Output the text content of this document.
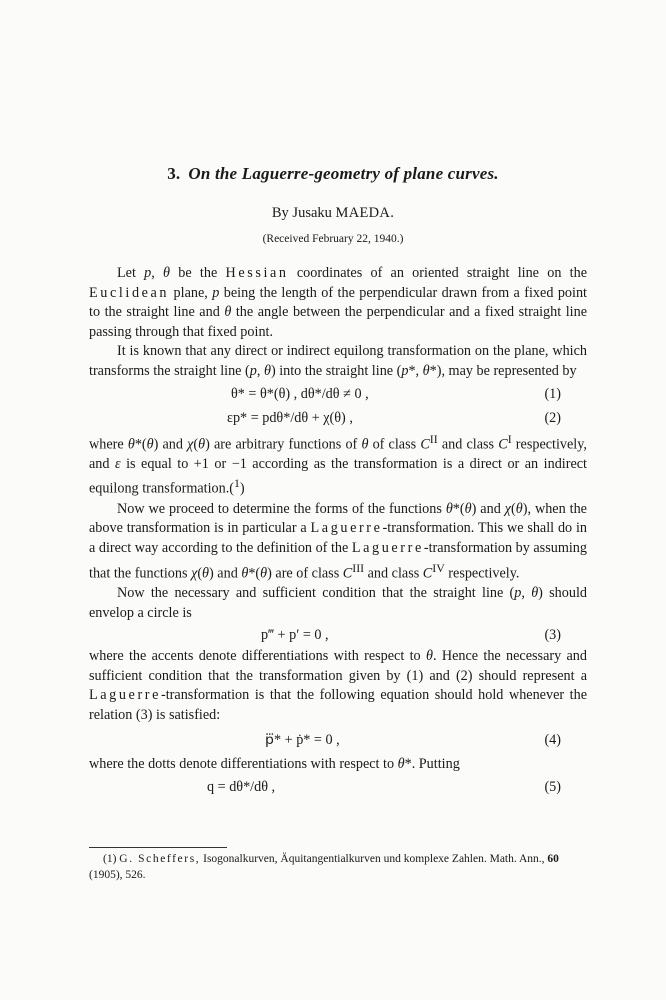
3. On the Laguerre-geometry of plane curves.
By Jusaku MAEDA.
(Received February 22, 1940.)

Let p, θ be the Hessian coordinates of an oriented straight line on the Euclidean plane, p being the length of the perpendicular drawn from a fixed point to the straight line and θ the angle between the perpendicular and a fixed straight line passing through that fixed point.

It is known that any direct or indirect equilong transformation on the plane, which transforms the straight line (p, θ) into the straight line (p*, θ*), may be represented by

θ* = θ*(θ) , dθ*/dθ ≠ 0 ,	(1)
εp* = pdθ*/dθ + χ(θ) ,	(2)

where θ*(θ) and χ(θ) are arbitrary functions of θ of class $C^{II}$ and class $C^I$ respectively, and ε is equal to +1 or −1 according as the transformation is a direct or an indirect equilong transformation.($^1$)

Now we proceed to determine the forms of the functions θ*(θ) and χ(θ), when the above transformation is in particular a Laguerre-transformation. This we shall do in a direct way according to the definition of the Laguerre-transformation by assuming that the functions χ(θ) and θ*(θ) are of class $C^{III}$ and class $C^{IV}$ respectively.

Now the necessary and sufficient condition that the straight line (p, θ) should envelop a circle is

p‴ + p′ = 0 ,	(3)

where the accents denote differentiations with respect to θ. Hence the necessary and sufficient condition that the transformation given by (1) and (2) should represent a Laguerre-transformation is that the following equation should hold whenever the relation (3) is satisfied:

p⃛* + ṗ* = 0 ,	(4)

where the dotts denote differentiations with respect to θ*. Putting

q = dθ*/dθ ,	(5)

(1) G. Scheffers, Isogonalkurven, Äquitangentialkurven und komplexe Zahlen. Math. Ann., 60 (1905), 526.
